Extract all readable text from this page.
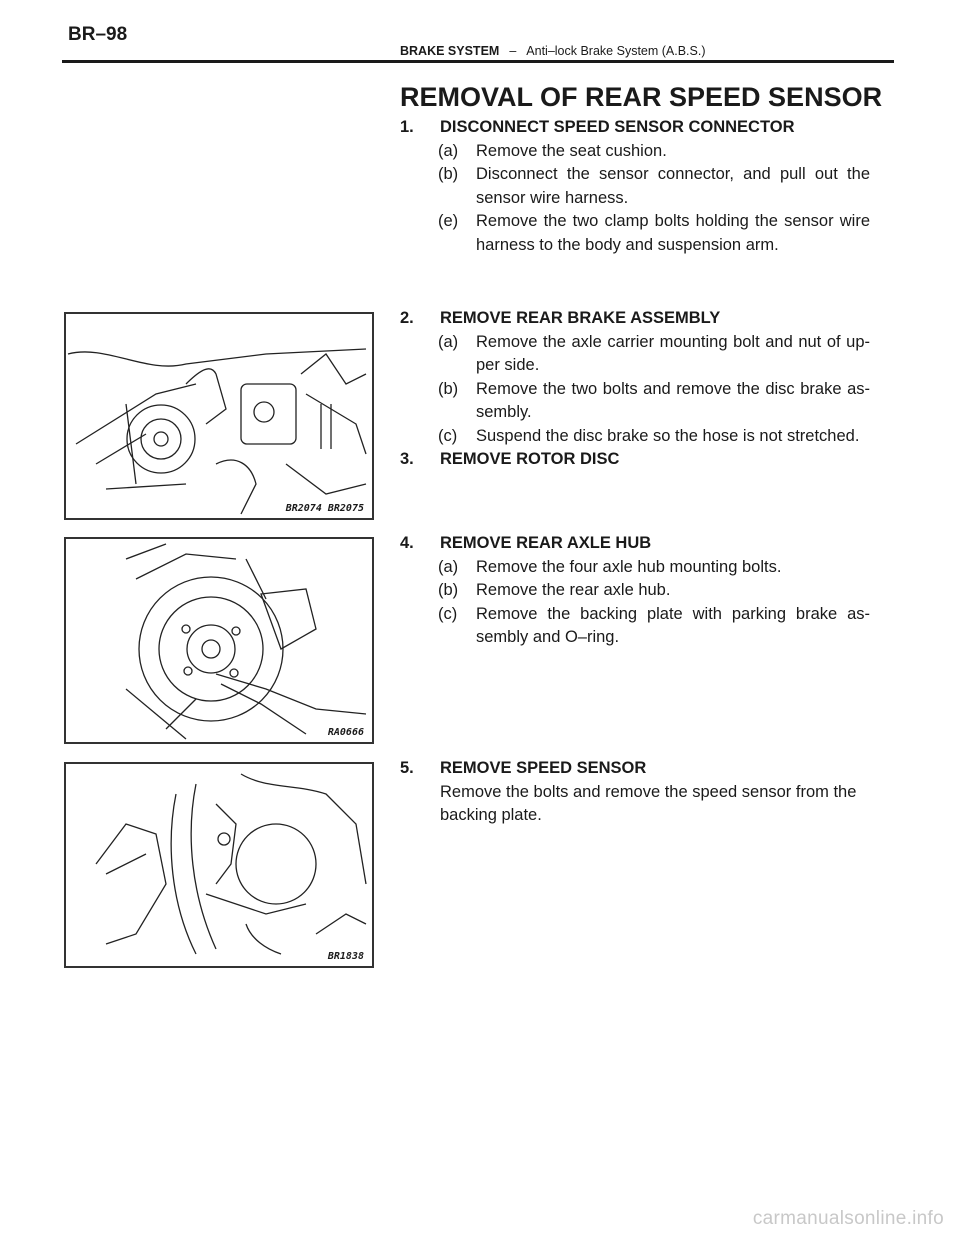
BR–98
BRAKE SYSTEM – Anti–lock Brake System (A.B.S.)
REMOVAL OF REAR SPEED SENSOR
1. DISCONNECT SPEED SENSOR CONNECTOR
(a) Remove the seat cushion.
(b) Disconnect the sensor connector, and pull out the sensor wire harness.
(e) Remove the two clamp bolts holding the sensor wire harness to the body and suspension arm.
2. REMOVE REAR BRAKE ASSEMBLY
(a) Remove the axle carrier mounting bolt and nut of up-per side.
(b) Remove the two bolts and remove the disc brake as-sembly.
(c) Suspend the disc brake so the hose is not stretched.
3. REMOVE ROTOR DISC
4. REMOVE REAR AXLE HUB
(a) Remove the four axle hub mounting bolts.
(b) Remove the rear axle hub.
(c) Remove the backing plate with parking brake as-sembly and O–ring.
5. REMOVE SPEED SENSOR
Remove the bolts and remove the speed sensor from the backing plate.
BR2074 BR2075
RA0666
BR1838
carmanualsonline.info
